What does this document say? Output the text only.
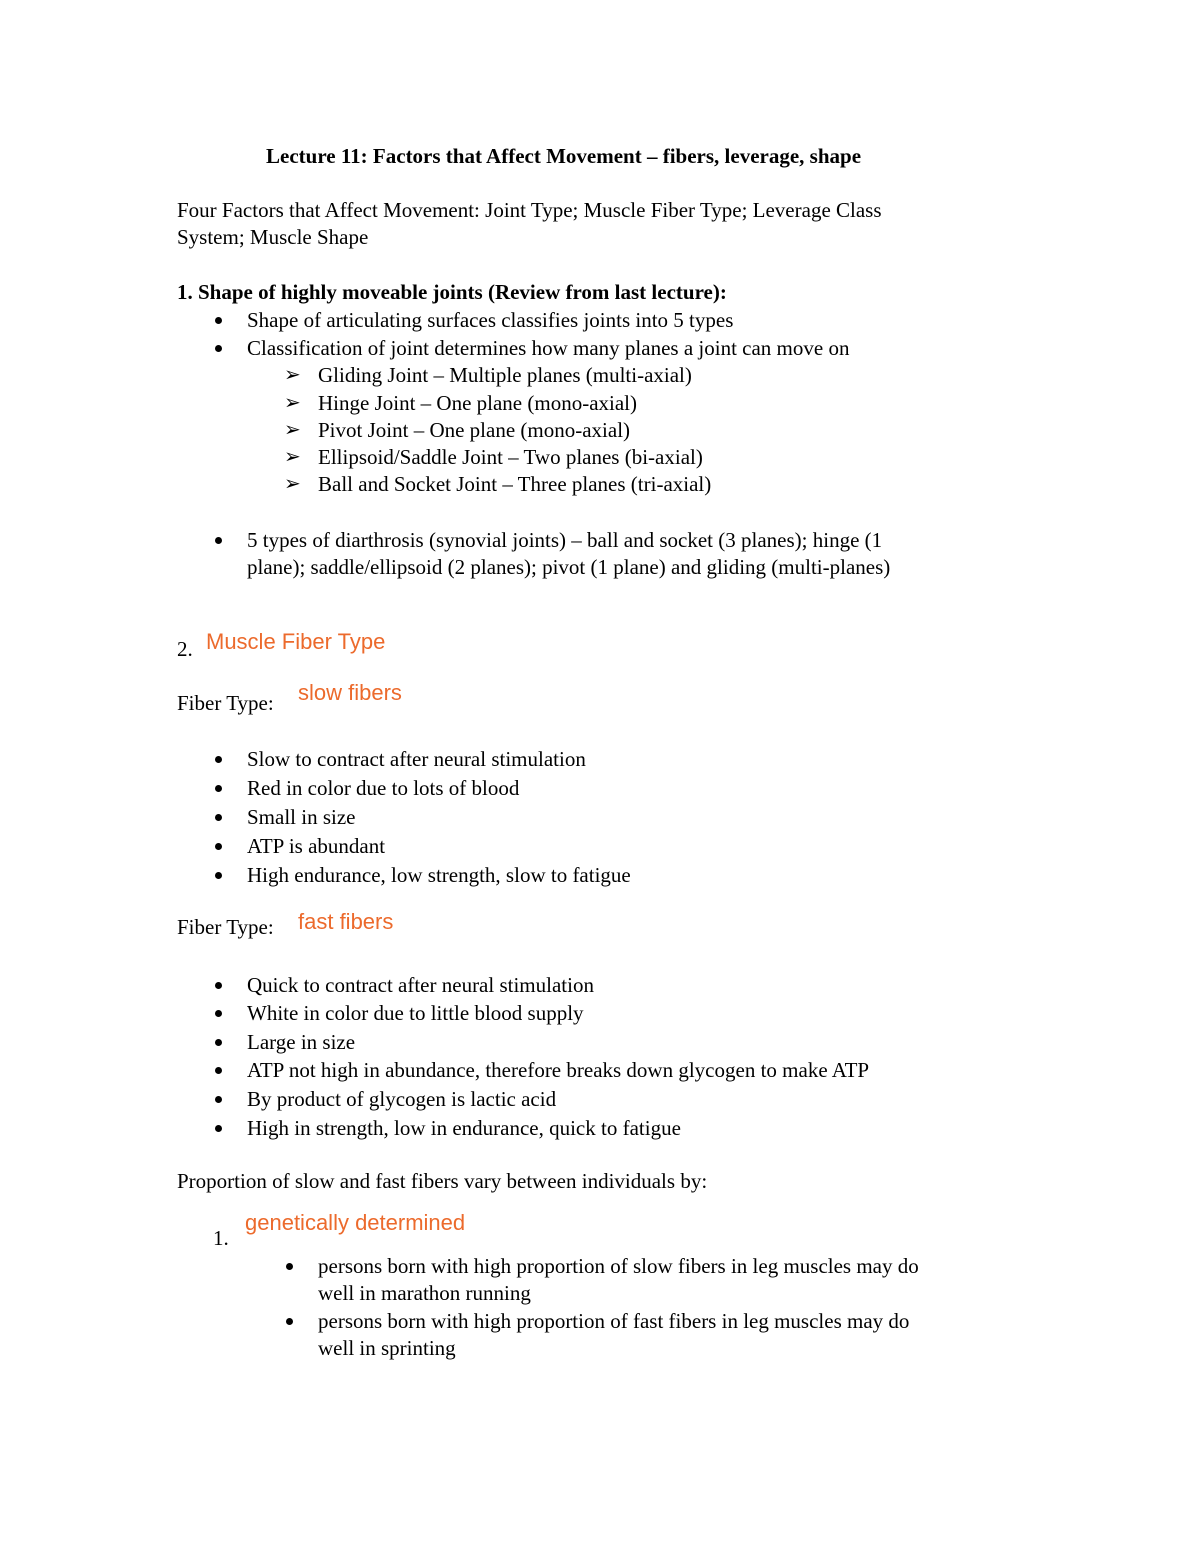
Lecture 11: Factors that Affect Movement – fibers, leverage, shape
Four Factors that Affect Movement: Joint Type; Muscle Fiber Type; Leverage Class
System; Muscle Shape
1. Shape of highly moveable joints (Review from last lecture):
Shape of articulating surfaces classifies joints into 5 types
Classification of joint determines how many planes a joint can move on
➢ Gliding Joint – Multiple planes (multi-axial)
➢ Hinge Joint – One plane (mono-axial)
➢ Pivot Joint – One plane (mono-axial)
➢ Ellipsoid/Saddle Joint – Two planes (bi-axial)
➢ Ball and Socket Joint – Three planes (tri-axial)
5 types of diarthrosis (synovial joints) – ball and socket (3 planes); hinge (1
plane); saddle/ellipsoid (2 planes); pivot (1 plane) and gliding (multi-planes)
2. Muscle Fiber Type
Fiber Type: slow fibers
Slow to contract after neural stimulation
Red in color due to lots of blood
Small in size
ATP is abundant
High endurance, low strength, slow to fatigue
Fiber Type: fast fibers
Quick to contract after neural stimulation
White in color due to little blood supply
Large in size
ATP not high in abundance, therefore breaks down glycogen to make ATP
By product of glycogen is lactic acid
High in strength, low in endurance, quick to fatigue
Proportion of slow and fast fibers vary between individuals by:
1.
genetically determined
persons born with high proportion of slow fibers in leg muscles may do
well in marathon running
persons born with high proportion of fast fibers in leg muscles may do
well in sprinting
